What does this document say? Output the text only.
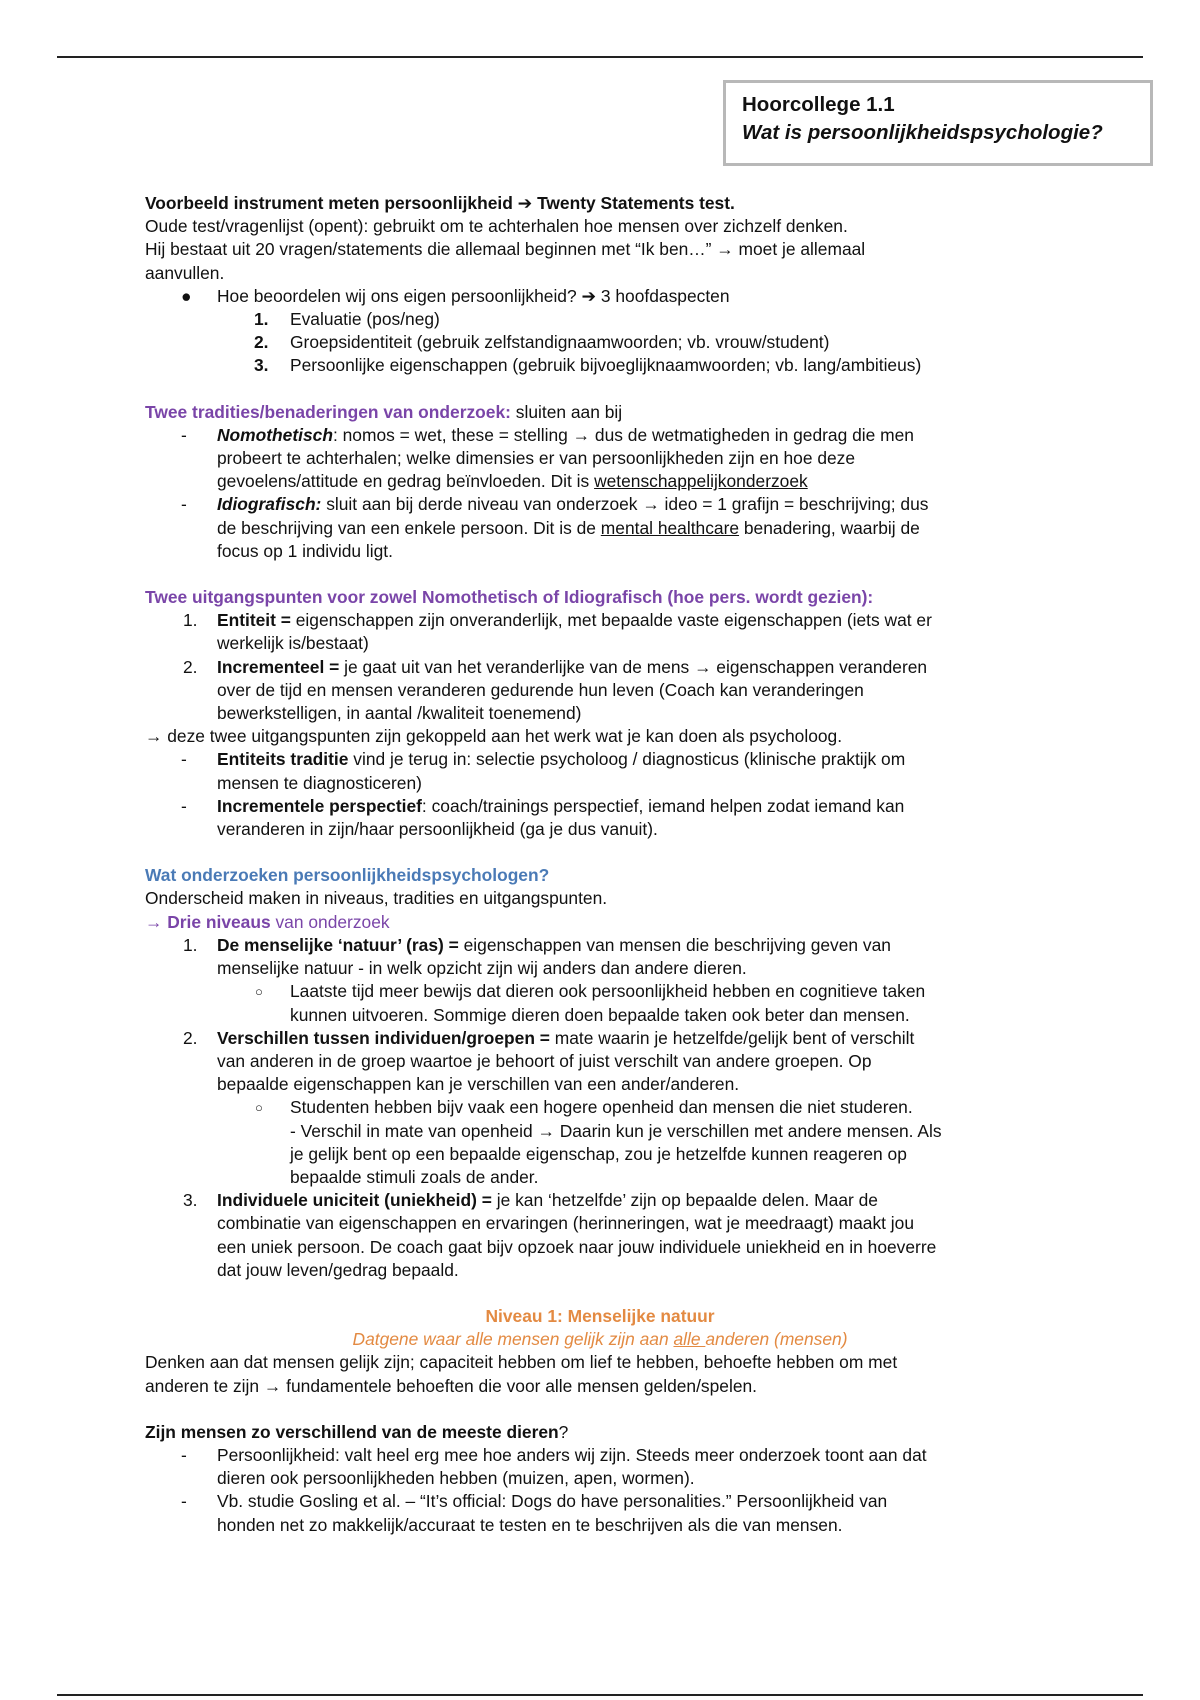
Hoorcollege 1.1
Wat is persoonlijkheidspsychologie?

Voorbeeld instrument meten persoonlijkheid ➔ Twenty Statements test.

Oude test/vragenlijst (opent): gebruikt om te achterhalen hoe mensen over zichzelf denken.

Hij bestaat uit 20 vragen/statements die allemaal beginnen met “Ik ben…” → moet je allemaal

aanvullen.

●	Hoe beoordelen wij ons eigen persoonlijkheid? ➔ 3 hoofdaspecten
1.	Evaluatie (pos/neg)
2.	Groepsidentiteit (gebruik zelfstandignaamwoorden; vb. vrouw/student)
3.	Persoonlijke eigenschappen (gebruik bijvoeglijknaamwoorden; vb. lang/ambitieus)

Twee tradities/benaderingen van onderzoek: sluiten aan bij

-	Nomothetisch: nomos = wet, these = stelling → dus de wetmatigheden in gedrag die men

probeert te achterhalen; welke dimensies er van persoonlijkheden zijn en hoe deze

gevoelens/attitude en gedrag beïnvloeden. Dit is wetenschappelijkonderzoek

-	Idiografisch: sluit aan bij derde niveau van onderzoek → ideo = 1 grafijn = beschrijving; dus

de beschrijving van een enkele persoon. Dit is de mental healthcare benadering, waarbij de

focus op 1 individu ligt.

Twee uitgangspunten voor zowel Nomothetisch of Idiografisch (hoe pers. wordt gezien):

1.	Entiteit = eigenschappen zijn onveranderlijk, met bepaalde vaste eigenschappen (iets wat er

werkelijk is/bestaat)

2.	Incrementeel = je gaat uit van het veranderlijke van de mens → eigenschappen veranderen

over de tijd en mensen veranderen gedurende hun leven (Coach kan veranderingen

bewerkstelligen, in aantal /kwaliteit toenemend)

→ deze twee uitgangspunten zijn gekoppeld aan het werk wat je kan doen als psycholoog.

-	Entiteits traditie vind je terug in: selectie psycholoog / diagnosticus (klinische praktijk om

mensen te diagnosticeren)

-	Incrementele perspectief: coach/trainings perspectief, iemand helpen zodat iemand kan

veranderen in zijn/haar persoonlijkheid (ga je dus vanuit).

Wat onderzoeken persoonlijkheidspsychologen?

Onderscheid maken in niveaus, tradities en uitgangspunten.

→ Drie niveaus van onderzoek

1.	De menselijke ‘natuur’ (ras) = eigenschappen van mensen die beschrijving geven van

menselijke natuur - in welk opzicht zijn wij anders dan andere dieren.

○	Laatste tijd meer bewijs dat dieren ook persoonlijkheid hebben en cognitieve taken

kunnen uitvoeren. Sommige dieren doen bepaalde taken ook beter dan mensen.

2.	Verschillen tussen individuen/groepen = mate waarin je hetzelfde/gelijk bent of verschilt

van anderen in de groep waartoe je behoort of juist verschilt van andere groepen. Op

bepaalde eigenschappen kan je verschillen van een ander/anderen.

○	Studenten hebben bijv vaak een hogere openheid dan mensen die niet studeren.

- Verschil in mate van openheid → Daarin kun je verschillen met andere mensen. Als

je gelijk bent op een bepaalde eigenschap, zou je hetzelfde kunnen reageren op

bepaalde stimuli zoals de ander.

3.	Individuele uniciteit (uniekheid) = je kan ‘hetzelfde’ zijn op bepaalde delen. Maar de

combinatie van eigenschappen en ervaringen (herinneringen, wat je meedraagt) maakt jou

een uniek persoon. De coach gaat bijv opzoek naar jouw individuele uniekheid en in hoeverre

dat jouw leven/gedrag bepaald.

Niveau 1: Menselijke natuur

Datgene waar alle mensen gelijk zijn aan alle anderen (mensen)

Denken aan dat mensen gelijk zijn; capaciteit hebben om lief te hebben, behoefte hebben om met

anderen te zijn → fundamentele behoeften die voor alle mensen gelden/spelen.

Zijn mensen zo verschillend van de meeste dieren?

-	Persoonlijkheid: valt heel erg mee hoe anders wij zijn. Steeds meer onderzoek toont aan dat

dieren ook persoonlijkheden hebben (muizen, apen, wormen).

-	Vb. studie Gosling et al. – “It’s official: Dogs do have personalities.” Persoonlijkheid van

honden net zo makkelijk/accuraat te testen en te beschrijven als die van mensen.
